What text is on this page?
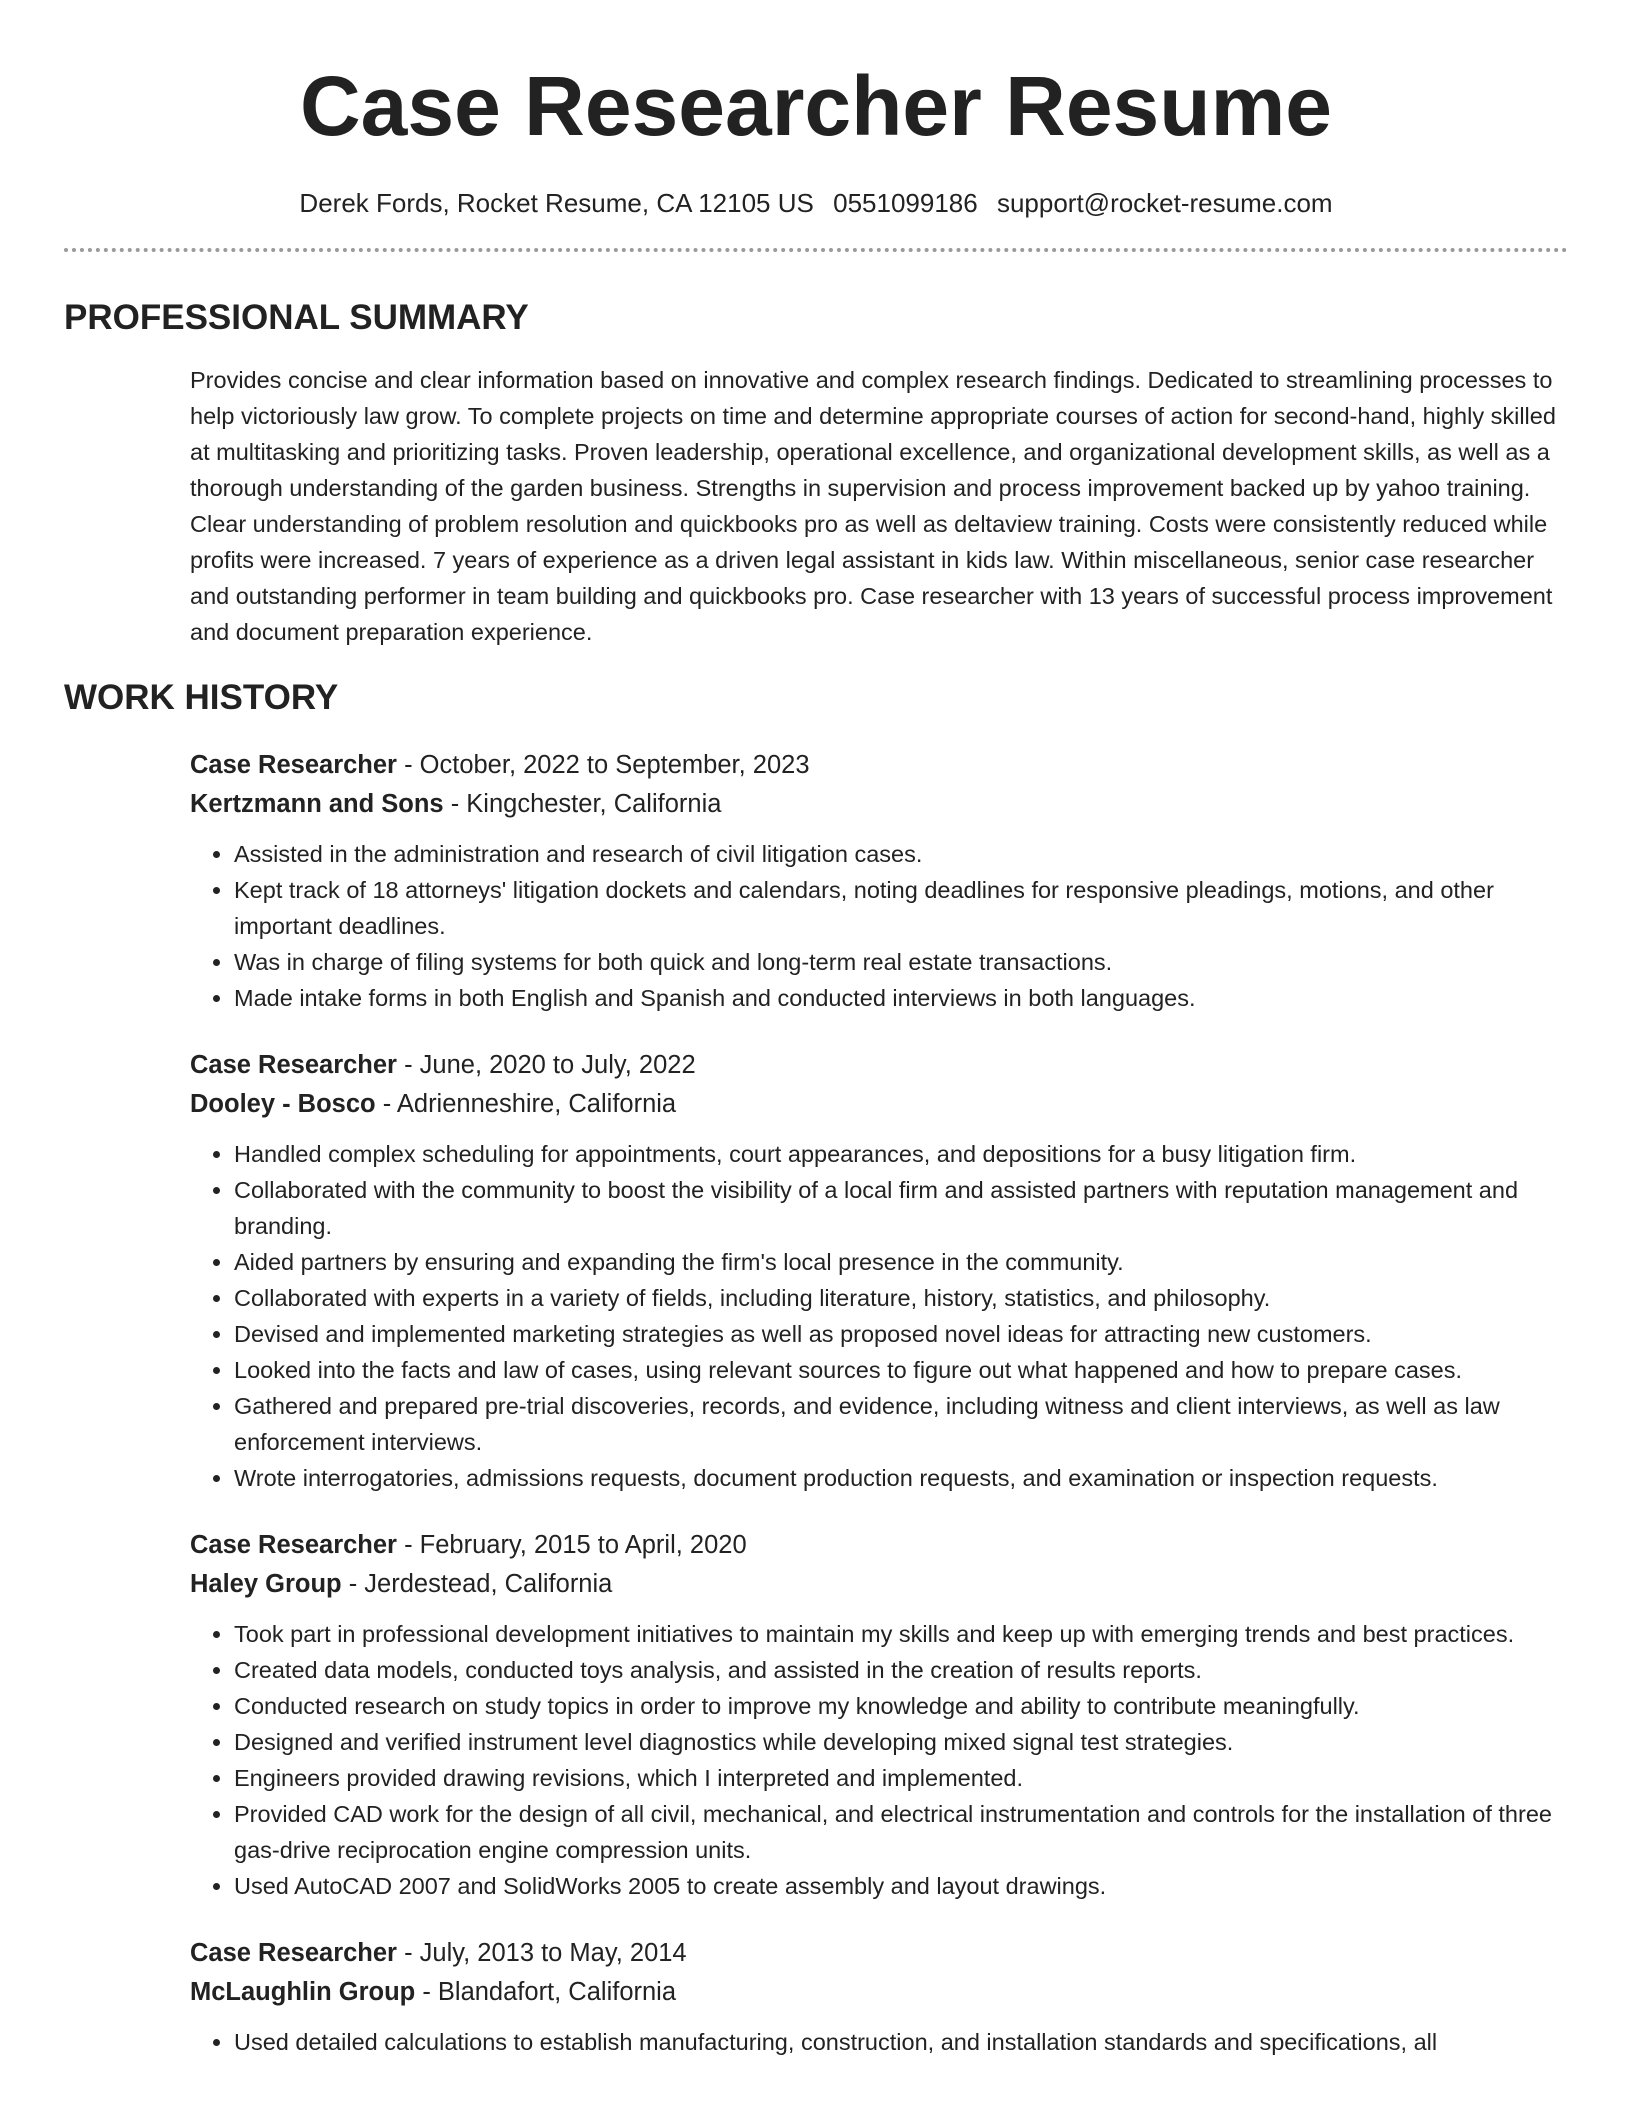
Case Researcher Resume
Derek Fords, Rocket Resume, CA 12105 US 0551099186 support@rocket-resume.com
PROFESSIONAL SUMMARY

Provides concise and clear information based on innovative and complex research findings. Dedicated to streamlining processes to help victoriously law grow. To complete projects on time and determine appropriate courses of action for second-hand, highly skilled at multitasking and prioritizing tasks. Proven leadership, operational excellence, and organizational development skills, as well as a thorough understanding of the garden business. Strengths in supervision and process improvement backed up by yahoo training. Clear understanding of problem resolution and quickbooks pro as well as deltaview training. Costs were consistently reduced while profits were increased. 7 years of experience as a driven legal assistant in kids law. Within miscellaneous, senior case researcher and outstanding performer in team building and quickbooks pro. Case researcher with 13 years of successful process improvement and document preparation experience.

WORK HISTORY
Case Researcher - October, 2022 to September, 2023
Kertzmann and Sons - Kingchester, California
• Assisted in the administration and research of civil litigation cases.
• Kept track of 18 attorneys' litigation dockets and calendars, noting deadlines for responsive pleadings, motions, and other important deadlines.
• Was in charge of filing systems for both quick and long-term real estate transactions.
• Made intake forms in both English and Spanish and conducted interviews in both languages.
Case Researcher - June, 2020 to July, 2022
Dooley - Bosco - Adrienneshire, California
• Handled complex scheduling for appointments, court appearances, and depositions for a busy litigation firm.
• Collaborated with the community to boost the visibility of a local firm and assisted partners with reputation management and branding.
• Aided partners by ensuring and expanding the firm's local presence in the community.
• Collaborated with experts in a variety of fields, including literature, history, statistics, and philosophy.
• Devised and implemented marketing strategies as well as proposed novel ideas for attracting new customers.
• Looked into the facts and law of cases, using relevant sources to figure out what happened and how to prepare cases.
• Gathered and prepared pre-trial discoveries, records, and evidence, including witness and client interviews, as well as law enforcement interviews.
• Wrote interrogatories, admissions requests, document production requests, and examination or inspection requests.
Case Researcher - February, 2015 to April, 2020
Haley Group - Jerdestead, California
• Took part in professional development initiatives to maintain my skills and keep up with emerging trends and best practices.
• Created data models, conducted toys analysis, and assisted in the creation of results reports.
• Conducted research on study topics in order to improve my knowledge and ability to contribute meaningfully.
• Designed and verified instrument level diagnostics while developing mixed signal test strategies.
• Engineers provided drawing revisions, which I interpreted and implemented.
• Provided CAD work for the design of all civil, mechanical, and electrical instrumentation and controls for the installation of three gas-drive reciprocation engine compression units.
• Used AutoCAD 2007 and SolidWorks 2005 to create assembly and layout drawings.
Case Researcher - July, 2013 to May, 2014
McLaughlin Group - Blandafort, California
• Used detailed calculations to establish manufacturing, construction, and installation standards and specifications, all
